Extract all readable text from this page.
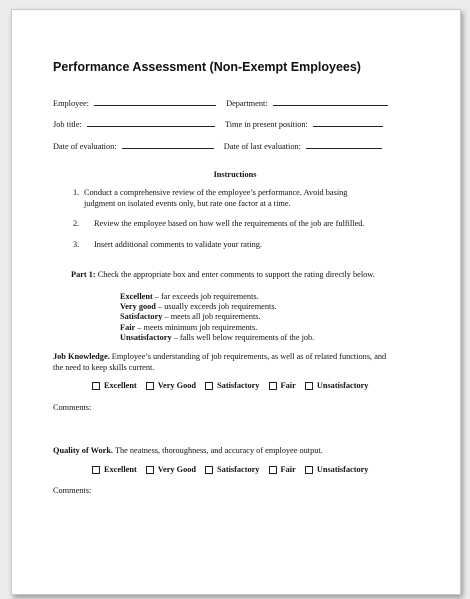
Performance Assessment (Non-Exempt Employees)
Employee:	Department:
Job title:	Time in present position:
Date of evaluation:	Date of last evaluation:
Instructions
1. Conduct a comprehensive review of the employee’s performance. Avoid basing
judgment on isolated events only, but rate one factor at a time.
2. Review the employee based on how well the requirements of the job are fulfilled.
3. Insert additional comments to validate your rating.
Part 1: Check the appropriate box and enter comments to support the rating directly below.
Excellent – far exceeds job requirements.
Very good – usually exceeds job requirements.
Satisfactory – meets all job requirements.
Fair – meets minimum job requirements.
Unsatisfactory – falls well below requirements of the job.
Job Knowledge. Employee’s understanding of job requirements, as well as of related functions, and the need to keep skills current.
Excellent
	Very Good
	Satisfactory
	Fair
	Unsatisfactory
Comments:
Quality of Work. The neatness, thoroughness, and accuracy of employee output.
Excellent
	Very Good
	Satisfactory
	Fair
	Unsatisfactory
Comments:
